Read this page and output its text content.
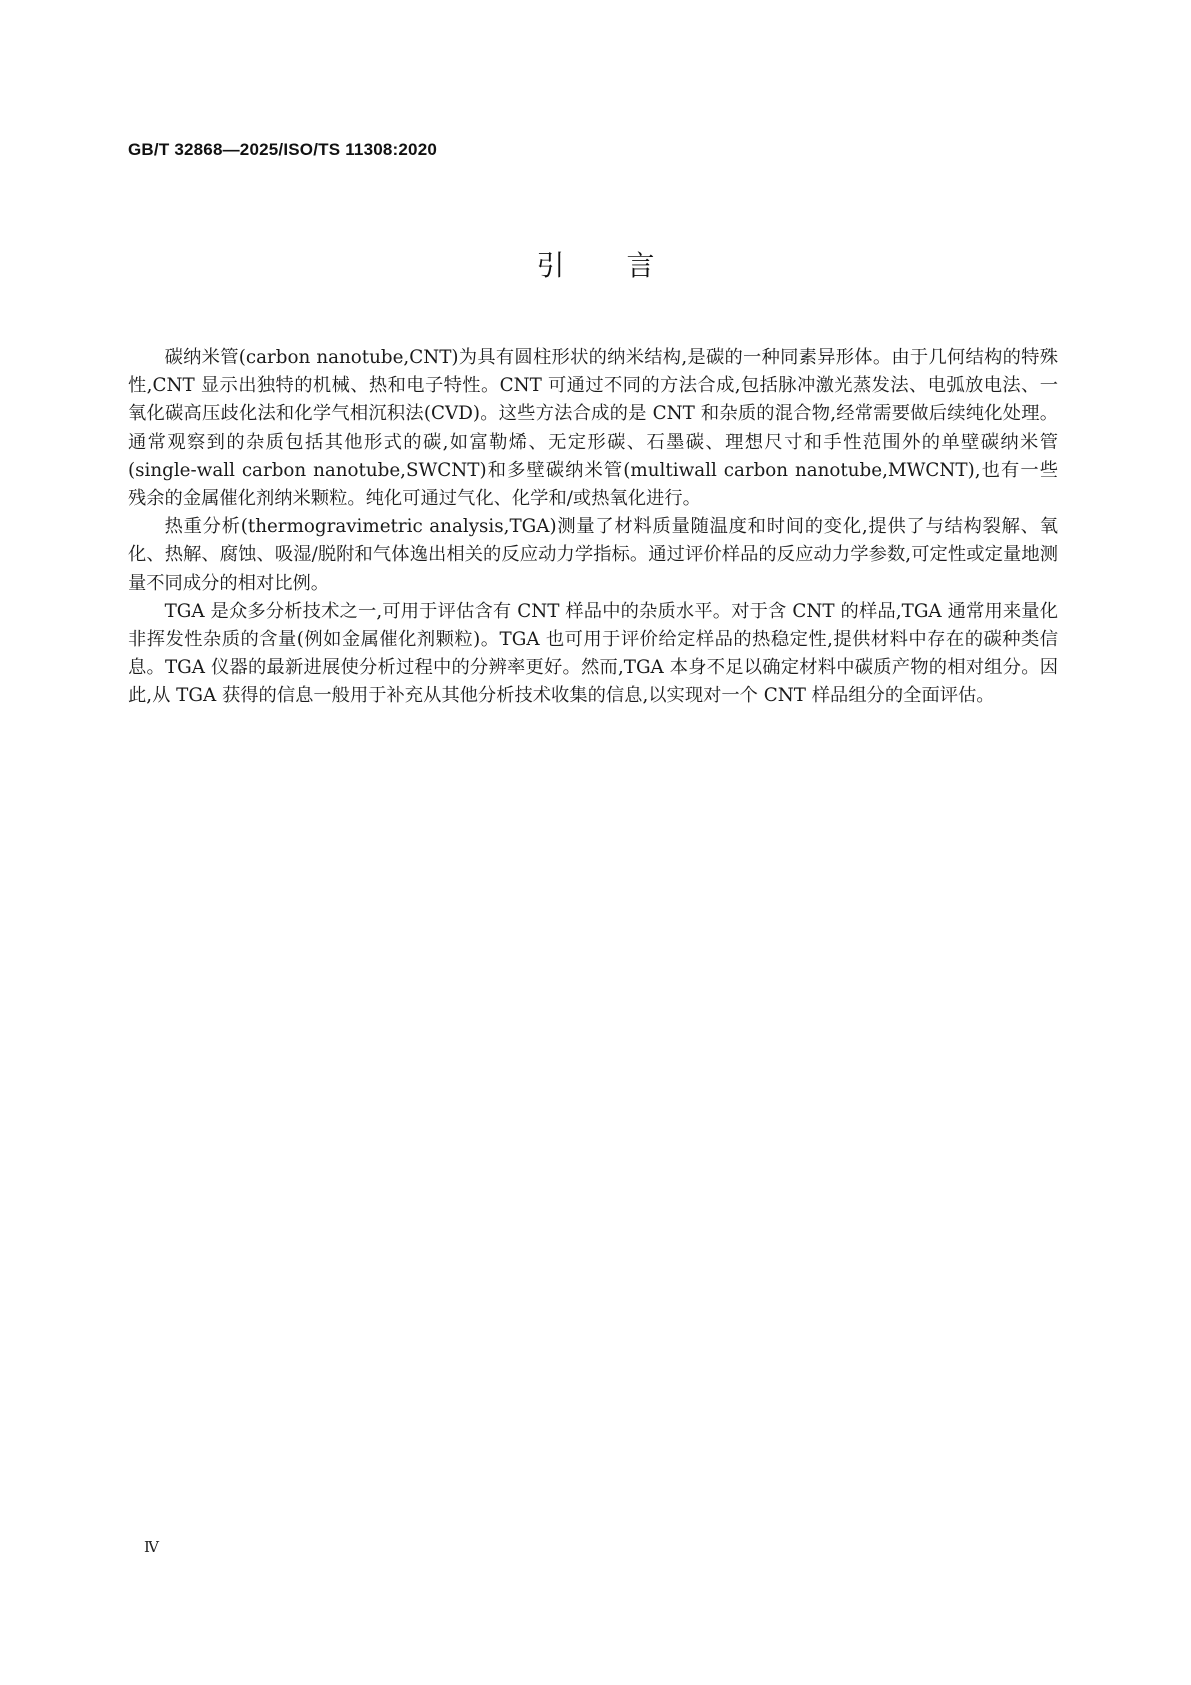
GB/T 32868—2025/ISO/TS 11308:2020
引言

碳纳米管(carbon nanotube,CNT)为具有圆柱形状的纳米结构,是碳的一种同素异形体。由于几何结构的特殊性,CNT 显示出独特的机械、热和电子特性。CNT 可通过不同的方法合成,包括脉冲激光蒸发法、电弧放电法、一氧化碳高压歧化法和化学气相沉积法(CVD)。这些方法合成的是 CNT 和杂质的混合物,经常需要做后续纯化处理。通常观察到的杂质包括其他形式的碳,如富勒烯、无定形碳、石墨碳、理想尺寸和手性范围外的单壁碳纳米管(single-wall carbon nanotube,SWCNT)和多壁碳纳米管(multiwall carbon nanotube,MWCNT),也有一些残余的金属催化剂纳米颗粒。纯化可通过气化、化学和/或热氧化进行。

热重分析(thermogravimetric analysis,TGA)测量了材料质量随温度和时间的变化,提供了与结构裂解、氧化、热解、腐蚀、吸湿/脱附和气体逸出相关的反应动力学指标。通过评价样品的反应动力学参数,可定性或定量地测量不同成分的相对比例。

TGA 是众多分析技术之一,可用于评估含有 CNT 样品中的杂质水平。对于含 CNT 的样品,TGA 通常用来量化非挥发性杂质的含量(例如金属催化剂颗粒)。TGA 也可用于评价给定样品的热稳定性,提供材料中存在的碳种类信息。TGA 仪器的最新进展使分析过程中的分辨率更好。然而,TGA 本身不足以确定材料中碳质产物的相对组分。因此,从 TGA 获得的信息一般用于补充从其他分析技术收集的信息,以实现对一个 CNT 样品组分的全面评估。

Ⅳ
